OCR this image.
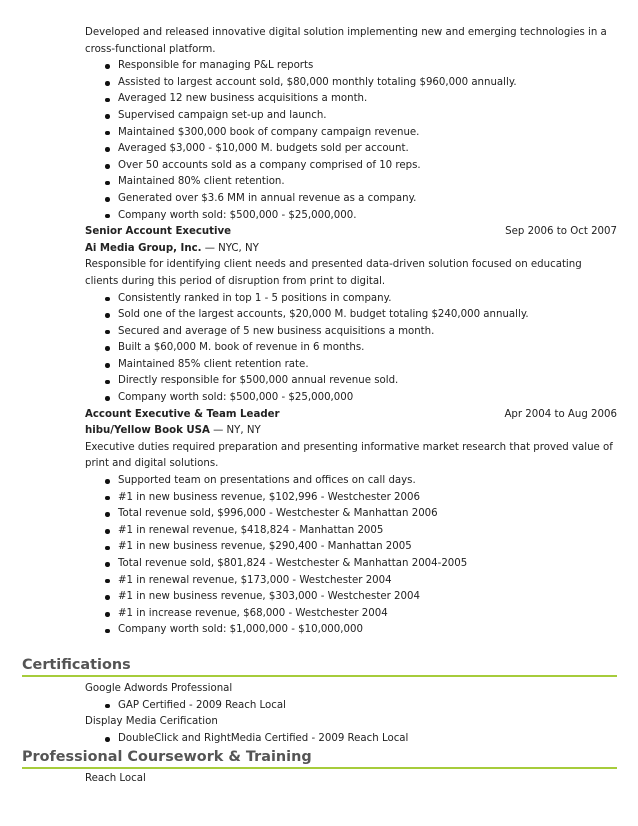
Developed and released innovative digital solution implementing new and emerging technologies in a cross-functional platform.

Responsible for managing P&L reports
Assisted to largest account sold, $80,000 monthly totaling $960,000 annually.
Averaged 12 new business acquisitions a month.
Supervised campaign set-up and launch.
Maintained $300,000 book of company campaign revenue.
Averaged $3,000 - $10,000 M. budgets sold per account.
Over 50 accounts sold as a company comprised of 10 reps.
Maintained 80% client retention.
Generated over $3.6 MM in annual revenue as a company.
Company worth sold: $500,000 - $25,000,000.
Senior Account Executive	Sep 2006 to Oct 2007

Ai Media Group, Inc. — NYC, NY

Responsible for identifying client needs and presented data-driven solution focused on educating clients during this period of disruption from print to digital.

Consistently ranked in top 1 - 5 positions in company.
Sold one of the largest accounts, $20,000 M. budget totaling $240,000 annually.
Secured and average of 5 new business acquisitions a month.
Built a $60,000 M. book of revenue in 6 months.
Maintained 85% client retention rate.
Directly responsible for $500,000 annual revenue sold.
Company worth sold: $500,000 - $25,000,000
Account Executive & Team Leader	Apr 2004 to Aug 2006

hibu/Yellow Book USA — NY, NY

Executive duties required preparation and presenting informative market research that proved value of print and digital solutions.

Supported team on presentations and offices on call days.
#1 in new business revenue, $102,996 - Westchester 2006
Total revenue sold, $996,000 - Westchester & Manhattan 2006
#1 in renewal revenue, $418,824 - Manhattan 2005
#1 in new business revenue, $290,400 - Manhattan 2005
Total revenue sold, $801,824 - Westchester & Manhattan 2004-2005
#1 in renewal revenue, $173,000 - Westchester 2004
#1 in new business revenue, $303,000 - Westchester 2004
#1 in increase revenue, $68,000 - Westchester 2004
Company worth sold: $1,000,000 - $10,000,000
Certifications

Google Adwords Professional

GAP Certified - 2009 Reach Local

Display Media Cerification

DoubleClick and RightMedia Certified - 2009 Reach Local
Professional Coursework & Training

Reach Local
